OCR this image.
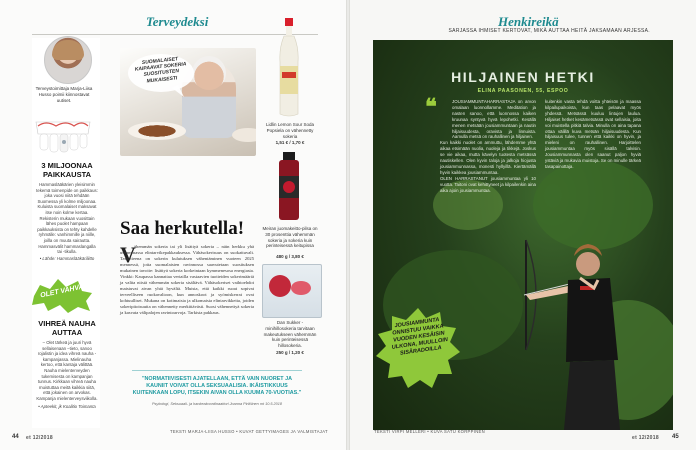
Terveydeksi

Terveystoimittaja Marja-Liisa Husso poimii kiinnostavat uutiset.

3 MILJOONAA
PAIKKAUSTA

Hammaslääkärien yleisimmin tekemä toimenpide on paikkaus: joka vuosi niitä tehdään Suomessa yli kolme miljoonaa. Kuluista suomalaiset maksavat itse noin kolme kertaa. Rekisterin mukaan vuosittain lähes puolet hampaan paikkauksista on tehty kahdelle ryhmälle: vanhimmille ja niille, joilla on muuta sairautta. Hammasvälit hammaslangalla tai -tikulla.

• Lähde: Hammaslääkäriliitto

OLET VAHVA
VIHREÄ NAUHA
AUTTAA

– Olet tärkeä ja juuri hyvä sellaisenaan –tieto, sanoo rojalistin ja idea vihreä nauha -kampanjassa. Mielinauha kertoo, että kantaja välittää. Nauha mielenterveyden tukemisesta on kampanjan tunnus. Kirkkaan vihreä nauha muistuttaa meitä kaikkia siitä, että jokainen on arvokas. Kampanja mielenterveysviikolla.

• Apteekit, jk Koalitio Toimanta

SUOMALAISET KAIPAAVAT SOKERIA SUOSITUSTEN MUKAISESTI

Lidlin Lemon Sour Soda Popsiela on vähennetty sokeria

1,51 € / 1,70 €

Meiran juomakeitto-pilsa on 30 prosenttia vähemmän sokeria ja sokeria kuin perinteisessä keitupissa

480 g / 3,80 €

Dan Sukker -minihillosokeria tarvitaan makeutukseen vähemmän kuin perinteisessä hillosokeria.

250 g / 1,20 €

Saa herkutella!
V

ähemmän sokeria tai yli lisättyä sokeria – näin herkku yhä useammassa elintarvikepakkauksessa. Vähäsokerisuus on suokattuvalt. Tavoitteena on sokerin kulutuksen vähentäminen vuoteen 2025 mennessä, jotta suomalaisten ravinnossa saavutetaan suosituksen mukainen tavoite: lisättyä sokeria korkeintaan kymmenesosa energiasta. Vinkki: Kaupassa kannattaa vertailla vastaavien tuotteiden sokerimääriä ja valita niistä vähemmän sokeria sisältävä. Vähäsokeriset vaihtoehdot maistuvat aivan yhtä hyvältä. Muista, että kaikki ruoat sopivat terveelliseen ruokavalioon, kun annoskoot ja syömiskerrat ovat kohtuulliset. Mukana on kotimaisia ja ulkomaisia elintarvikkeita, joiden sokeripitoisuutta on vähennetty merkittävästi. Suosi vähennettyä sokeria ja kasvata välipalojen ravintoarvoja. Tarkista pakkaus.

"NORMATIIVISESTI AJATELLAAN, ETTÄ VAIN NUORET JA KAUNIIT VOIVAT OLLA SEKSUAALISIA. IKÄISTIKKUUS KUITENKAAN LOPU, ITSEKIN AIVAN OLLA KUUMA 70-VUOTIAS."

Psykologi, Seksuaali- ja hankeakoordinaattori Joanna Pirilöinen mt 10.5.2018

44 et 12/2018

TEKSTI MARJA-LIISA HUSSO • KUVAT GETTYIMAGES JA VALMISTAJAT

Henkireikä

SARJASSA IHMISET KERTOVAT, MIKÄ AUTTAA HEITÄ JAKSAMAAN ARJESSA.

HILJAINEN HETKI

ELINA PAASONEN, 55, ESPOO

❝	JOUSIAMMUNTAHARRASTAJA on arvon omalaan luonnollamme. Meditation ja nasten sanoo, että luonnossa kaiken kruunaa syntyvä hyvä lepohetki. Kesällä menen metsään jousiammuntaan ja nautin hiljaisuudesta, oravista ja linnuista. Aamulla metsä on rauhallinen ja hiljainen.

Kun kaikki nuolet on ammuttu, lähdemme yhtä aikaa etsimään nuolia, nuoleja ja tikkejä. Joskus se vie aikaa, mutta kävelyn tuotesta metsässä nautiskellen. Olen kyvin taloja ja jalkoja hiojusta jousiammunnassa, monesti hyllyillä. Kiertämällä hyvin kaikkea jousiammuntaa.

OLEN HARRASTANUT jousiammuntaa yli 10 vuotta. Taitoni ovat kehittyneet ja kilpailenkin aina aika ajoin jousiammuntaa.

kuitenkin vasta tehdä voitta yhteisön ja maassa kilpailupaikoista, kun taas pelaavat myös yhdessä. Metsässä kuuluu lintujen laulua. Hiljaiset hetket kesämetsässä ovat sellaisia, joita voi muistella pitkiä talvia. Minulla on aina tapana ottaa välillä kuva metsän hiljaisuudesta. Kun hiljaisuus tulee, tunnen että kaikki on hyvin, ja mieleni on rauhallinen. Harjoittelen jousiammuntaa myös sisällä talvisin. Jousiammunnasta olen saanut paljon hyviä ystäviä ja mukavia muistoja. Se on minulle tärkeä tasapainottaja.

JOUSIAMMUNTA ONNISTUU VAIKKA VUODEN KESÄISIN ULKONA, MUULLOIN SISÄRADOILLA

TEKSTI VIRPI MELLERI • KUVA SATU KORPPINEN

et 12/2018 45
